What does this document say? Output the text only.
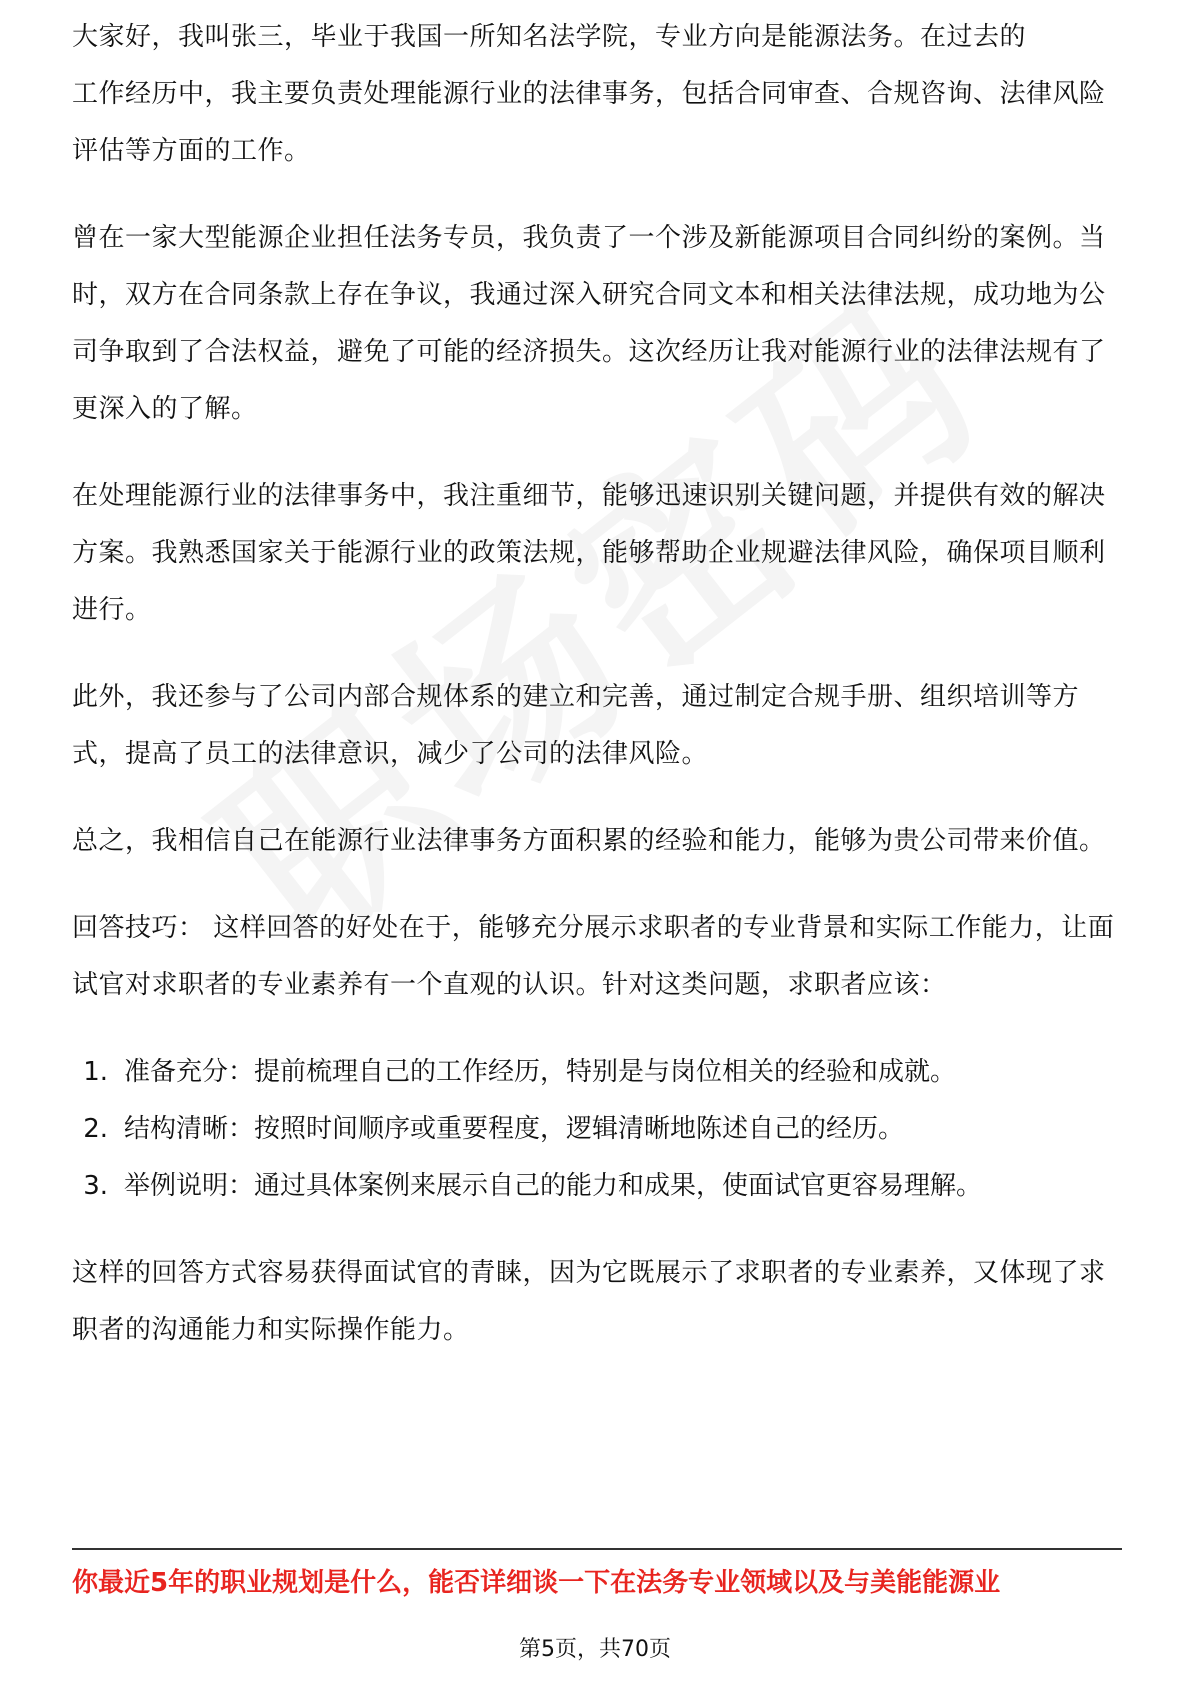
大家好，我叫张三，毕业于我国一所知名法学院，专业方向是能源法务。在过去的

工作经历中，我主要负责处理能源行业的法律事务，包括合同审查、合规咨询、法律风险评估等方面的工作。

曾在一家大型能源企业担任法务专员，我负责了一个涉及新能源项目合同纠纷的案例。当时，双方在合同条款上存在争议，我通过深入研究合同文本和相关法律法规，成功地为公司争取到了合法权益，避免了可能的经济损失。这次经历让我对能源行业的法律法规有了更深入的了解。

在处理能源行业的法律事务中，我注重细节，能够迅速识别关键问题，并提供有效的解决方案。我熟悉国家关于能源行业的政策法规，能够帮助企业规避法律风险，确保项目顺利进行。

此外，我还参与了公司内部合规体系的建立和完善，通过制定合规手册、组织培训等方式，提高了员工的法律意识，减少了公司的法律风险。

总之，我相信自己在能源行业法律事务方面积累的经验和能力，能够为贵公司带来价值。

回答技巧： 这样回答的好处在于，能够充分展示求职者的专业背景和实际工作能力，让面试官对求职者的专业素养有一个直观的认识。针对这类问题，求职者应该：

1. 准备充分：提前梳理自己的工作经历，特别是与岗位相关的经验和成就。
2. 结构清晰：按照时间顺序或重要程度，逻辑清晰地陈述自己的经历。
3. 举例说明：通过具体案例来展示自己的能力和成果，使面试官更容易理解。

这样的回答方式容易获得面试官的青睐，因为它既展示了求职者的专业素养，又体现了求职者的沟通能力和实际操作能力。

你最近5年的职业规划是什么，能否详细谈一下在法务专业领域以及与美能能源业
第5页，共70页
